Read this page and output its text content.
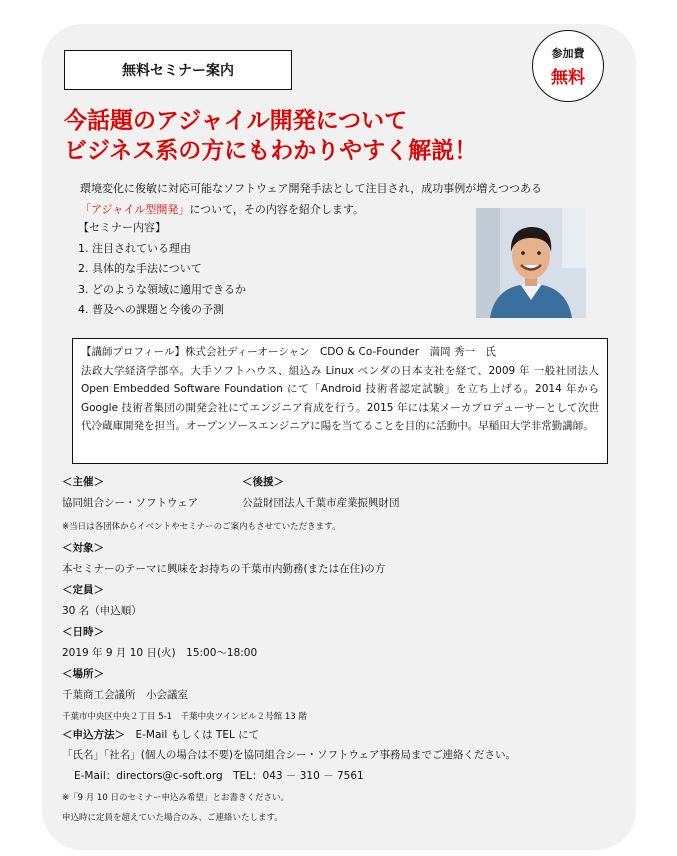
無料セミナー案内
参加費
無料
今話題のアジャイル開発について
ビジネス系の方にもわかりやすく解説！
環境変化に俊敏に対応可能なソフトウェア開発手法として注目され，成功事例が増えつつある
「アジャイル型開発」について，その内容を紹介します。
【セミナー内容】
1. 注目されている理由
2. 具体的な手法について
3. どのような領域に適用できるか
4. 普及への課題と今後の予測

【講師プロフィール】株式会社ディーオーシャン　CDO & Co-Founder　満岡 秀一　氏

法政大学経済学部卒。大手ソフトハウス、組込み Linux ベンダの日本支社を経て、2009 年 一般社団法人 Open Embedded Software Foundation にて「Android 技術者認定試験」を立ち上げる。2014 年から Google 技術者集団の開発会社にてエンジニア育成を行う。2015 年には某メーカプロデューサーとして次世代冷蔵庫開発を担当。オープンソースエンジニアに陽を当てることを目的に活動中。早稲田大学非常勤講師。

＜主催＞	＜後援＞
協同組合シー・ソフトウェア	公益財団法人千葉市産業振興財団
※当日は各団体からイベントやセミナーのご案内もさせていただきます。
＜対象＞
本セミナーのテーマに興味をお持ちの千葉市内勤務(または在住)の方
＜定員＞
30 名（申込順）
＜日時＞
2019 年 9 月 10 日(火)　15:00～18:00
＜場所＞
千葉商工会議所　小会議室
千葉市中央区中央２丁目 5-1　千葉中央ツインビル２号館 13 階
＜申込方法＞　 E-Mail もしくは TEL にて
「氏名」「社名」(個人の場合は不要)を協同組合シー・ソフトウェア事務局までご連絡ください。
E-Mail：directors@c-soft.org　TEL：043 － 310 － 7561
※「9 月 10 日のセミナー申込み希望」とお書きください。
申込時に定員を超えていた場合のみ、ご連絡いたします。
